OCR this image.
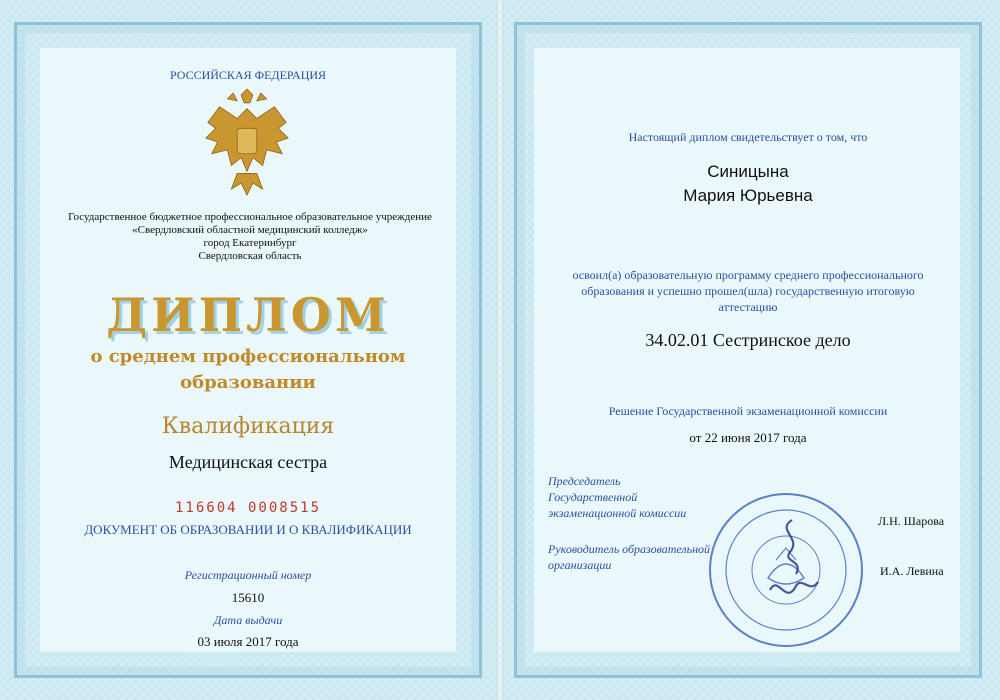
РОССИЙСКАЯ ФЕДЕРАЦИЯ
Государственное бюджетное профессиональное образовательное учреждение
«Свердловский областной медицинский колледж»
город Екатеринбург
Свердловская область
ДИПЛОМ
о среднем профессиональном
образовании
Квалификация
Медицинская сестра
116604 0008515
ДОКУМЕНТ ОБ ОБРАЗОВАНИИ И О КВАЛИФИКАЦИИ
Регистрационный номер
15610
Дата выдачи
03 июля 2017 года
Настоящий диплом свидетельствует о том, что
Синицына
Мария Юрьевна
освоил(а) образовательную программу среднего профессионального
образования и успешно прошел(шла) государственную итоговую
аттестацию
34.02.01 Сестринское дело
Решение Государственной экзаменационной комиссии
от 22 июня 2017 года
Председатель
Государственной
экзаменационной комиссии
Л.Н. Шарова
Руководитель образовательной
организации	И.А. Левина
